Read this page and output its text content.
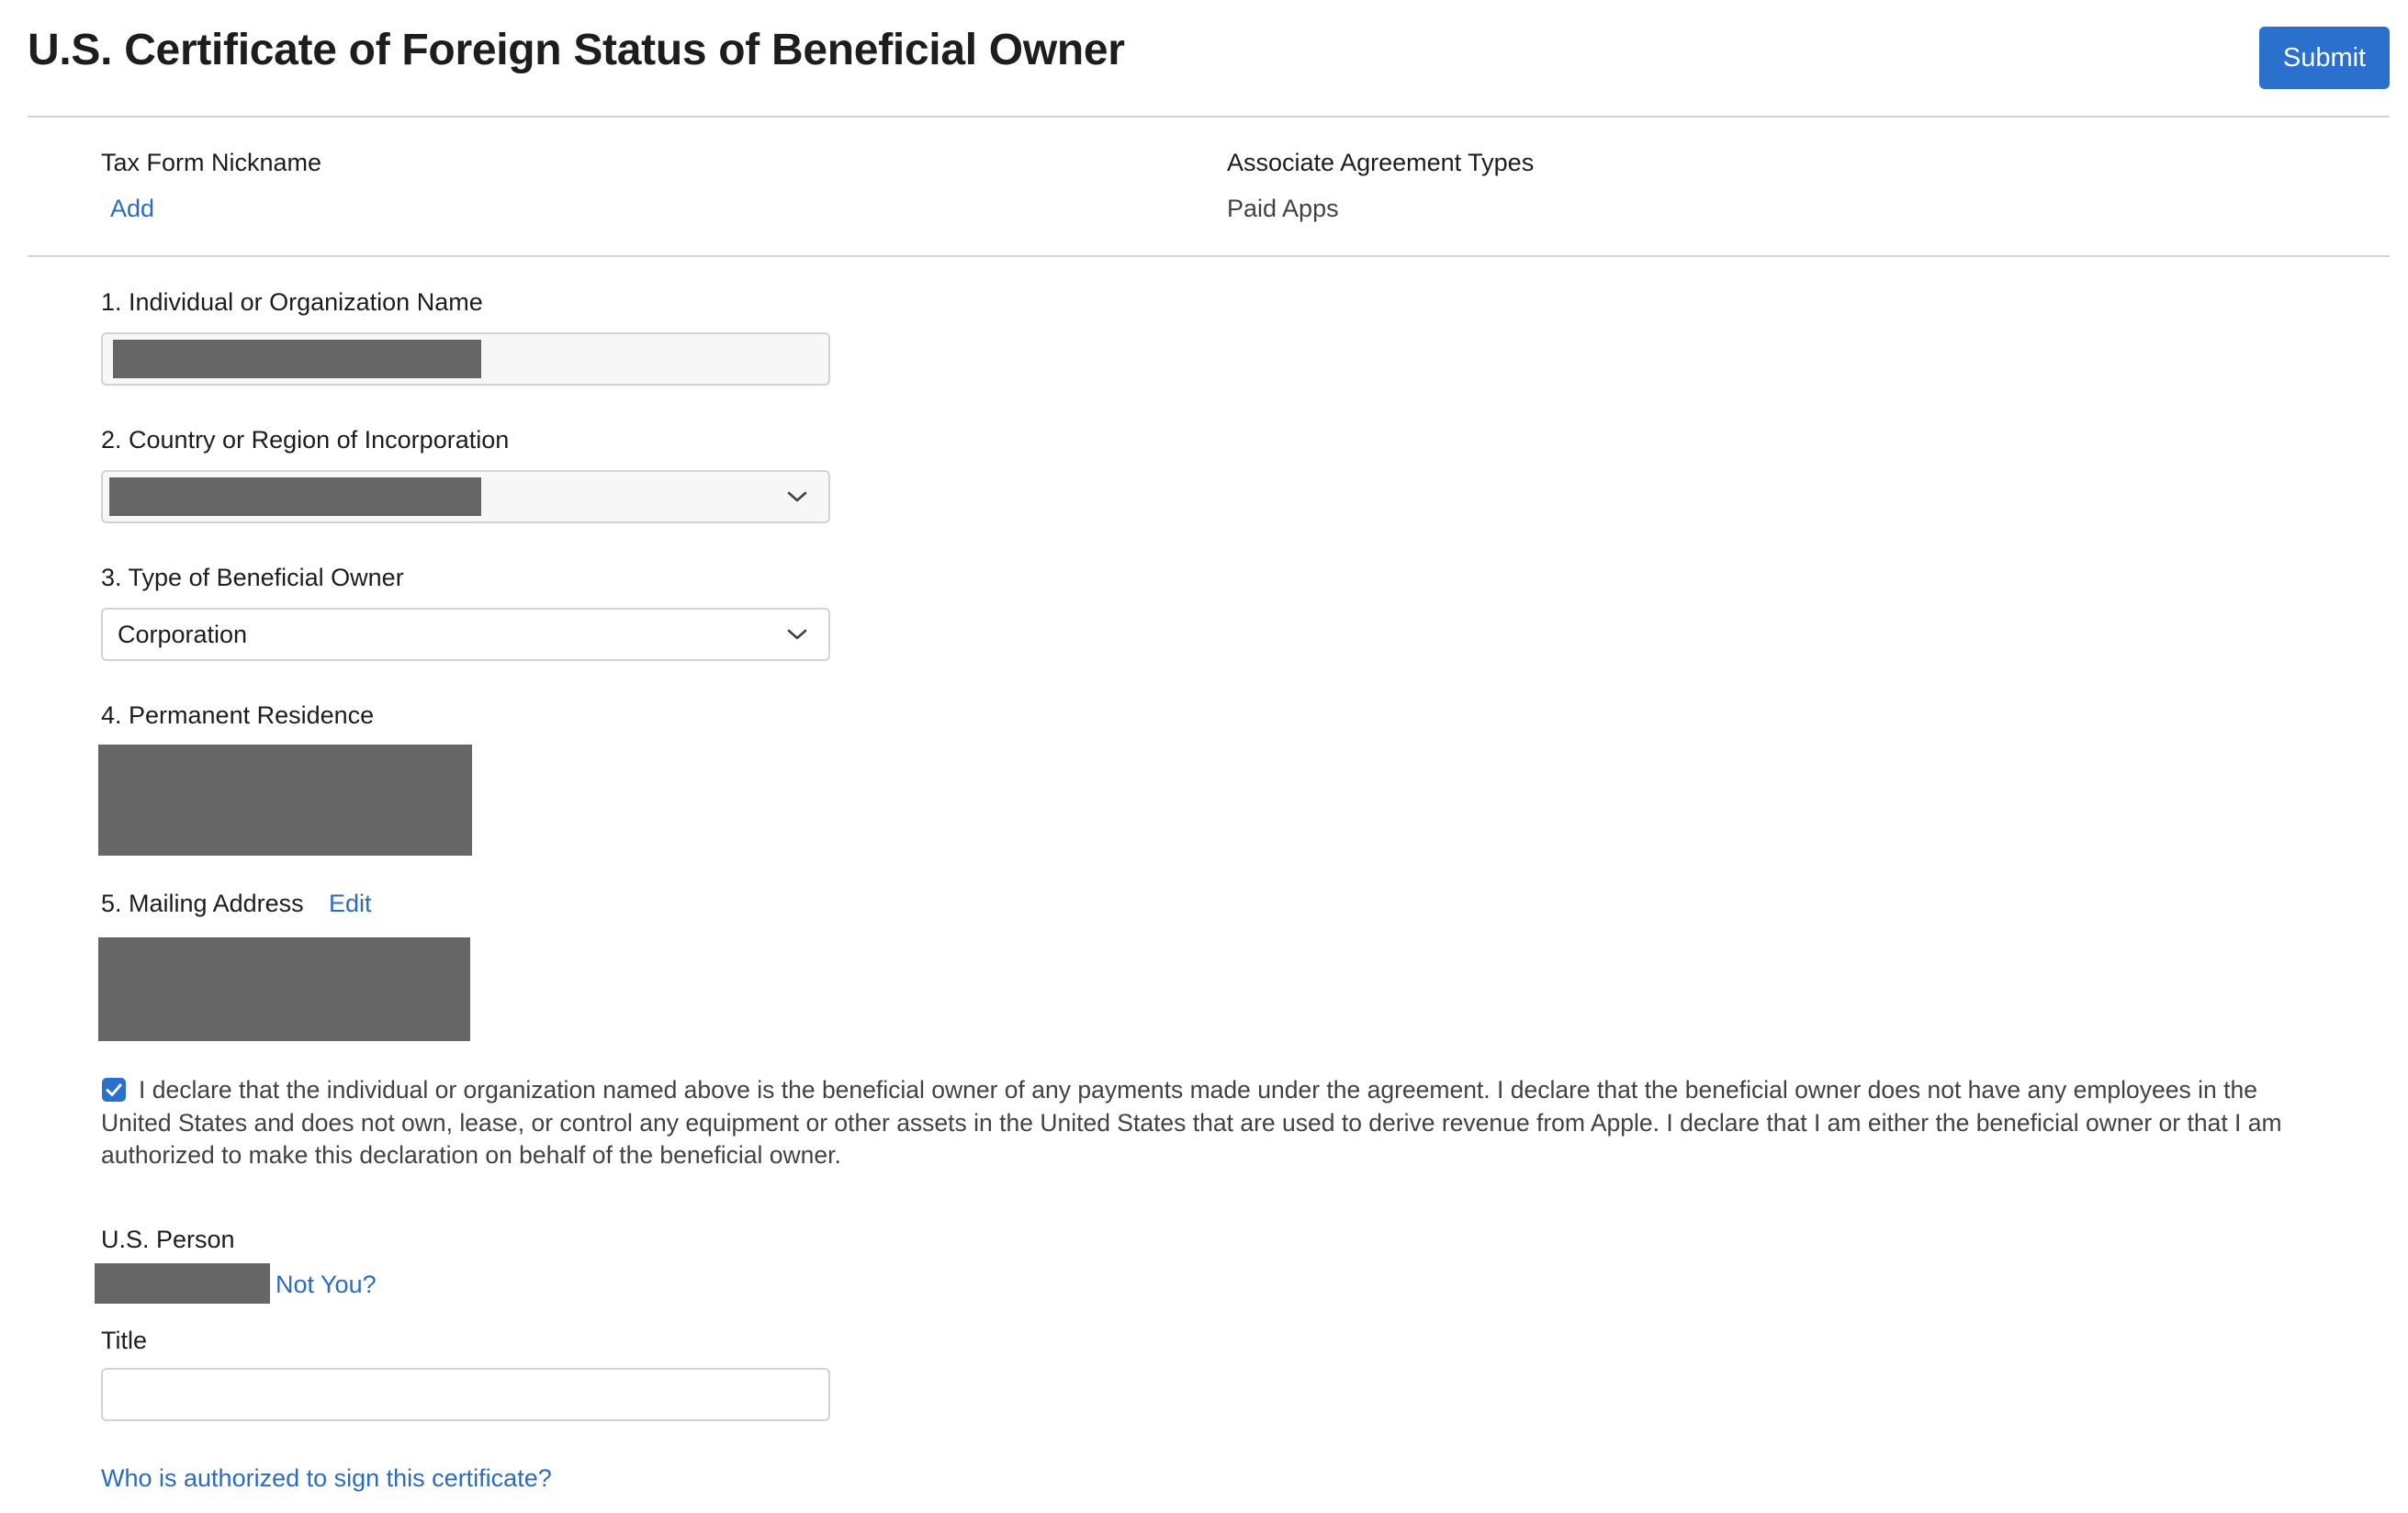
U.S. Certificate of Foreign Status of Beneficial Owner	Submit
Tax Form Nickname
Add
Associate Agreement Types
Paid Apps
1. Individual or Organization Name
2. Country or Region of Incorporation
3. Type of Beneficial Owner
Corporation
4. Permanent Residence
5. Mailing Address Edit

I declare that the individual or organization named above is the beneficial owner of any payments made under the agreement. I declare that the beneficial owner does not have any employees in the United States and does not own, lease, or control any equipment or other assets in the United States that are used to derive revenue from Apple. I declare that I am either the beneficial owner or that I am authorized to make this declaration on behalf of the beneficial owner.

U.S. Person
Not You?
Title
Who is authorized to sign this certificate?
